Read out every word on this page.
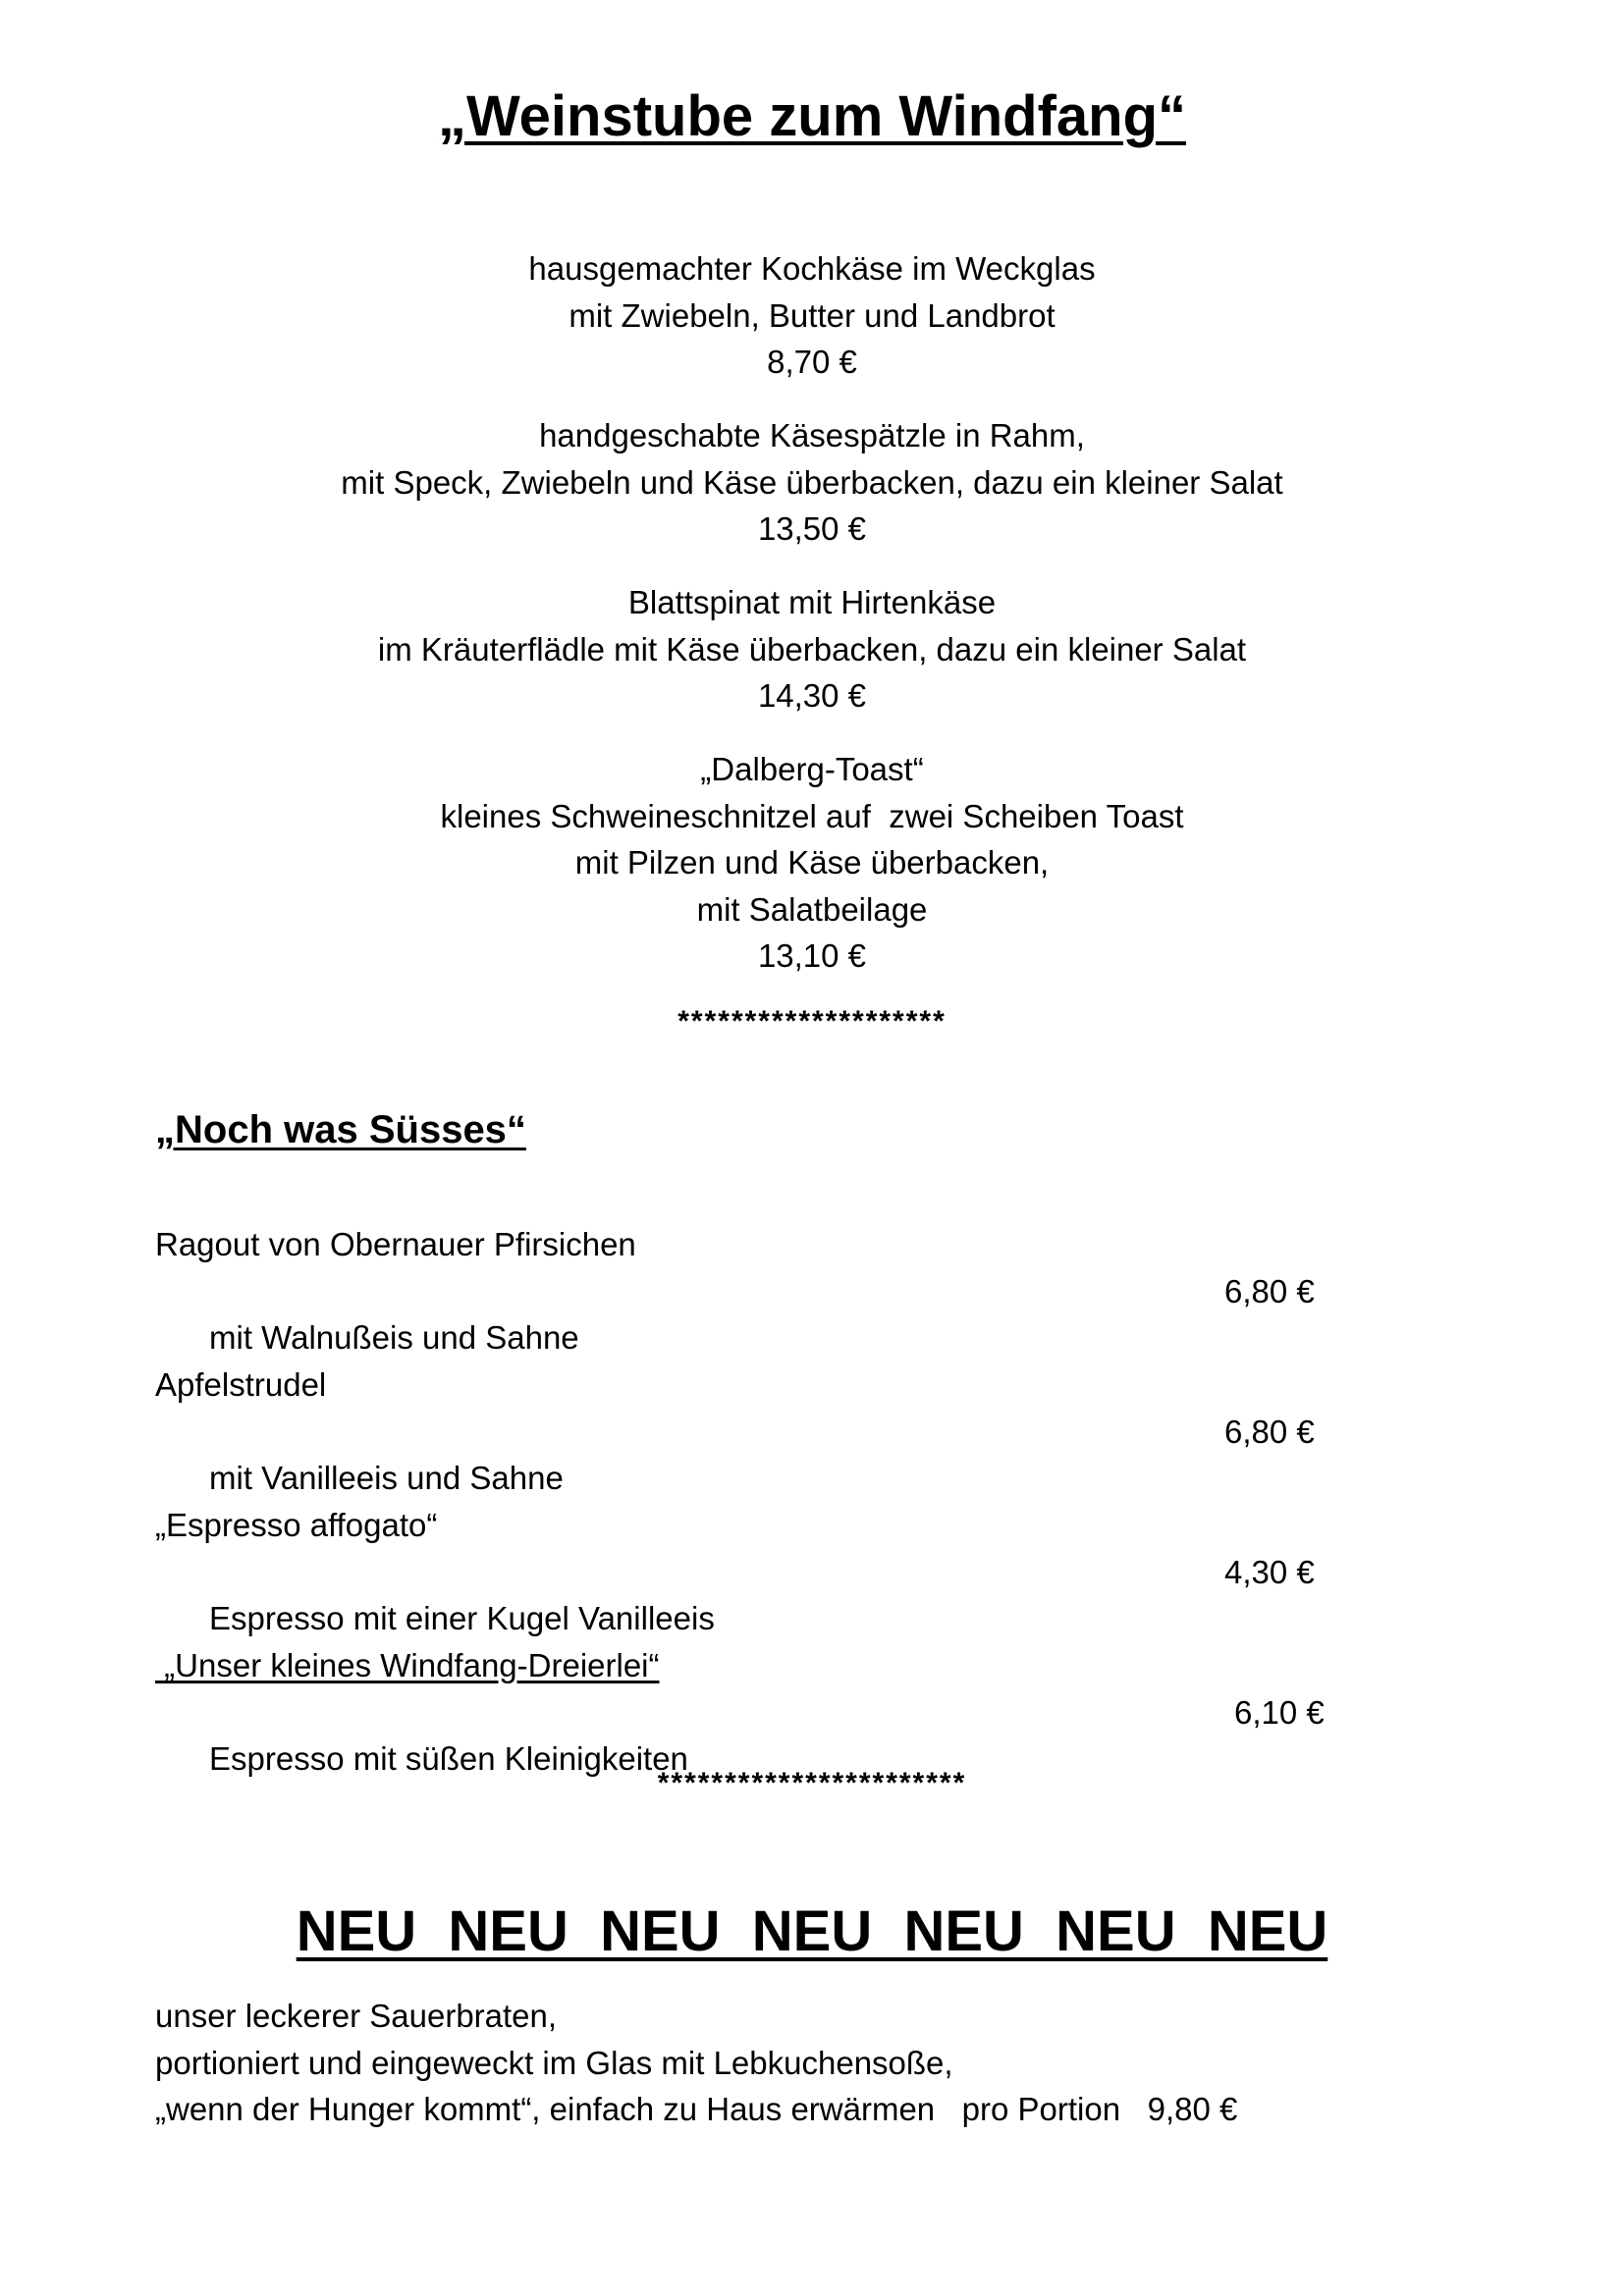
„Weinstube zum Windfang“
hausgemachter Kochkäse im Weckglas
mit Zwiebeln, Butter und Landbrot
8,70 €
handgeschabte Käsespätzle in Rahm,
mit Speck, Zwiebeln und Käse überbacken, dazu ein kleiner Salat
13,50 €
Blattspinat mit Hirtenkäse
im Kräuterflädle mit Käse überbacken, dazu ein kleiner Salat
14,30 €
„Dalberg-Toast“
kleines Schweineschnitzel auf  zwei Scheiben Toast
mit Pilzen und Käse überbacken,
mit Salatbeilage
13,10 €
********************
„Noch was Süsses“
Ragout von Obernauer Pfirsichen

mit Walnußeis und Sahne

6,80 €

Apfelstrudel

mit Vanilleeis und Sahne

6,80 €

„Espresso affogato“

Espresso mit einer Kugel Vanilleeis

4,30 €

„Unser kleines Windfang-Dreierlei“

Espresso mit süßen Kleinigkeiten

6,10 €

***********************
NEU  NEU  NEU  NEU  NEU  NEU  NEU
unser leckerer Sauerbraten,
portioniert und eingeweckt im Glas mit Lebkuchensoße,
„wenn der Hunger kommt“, einfach zu Haus erwärmen   pro Portion   9,80 €
